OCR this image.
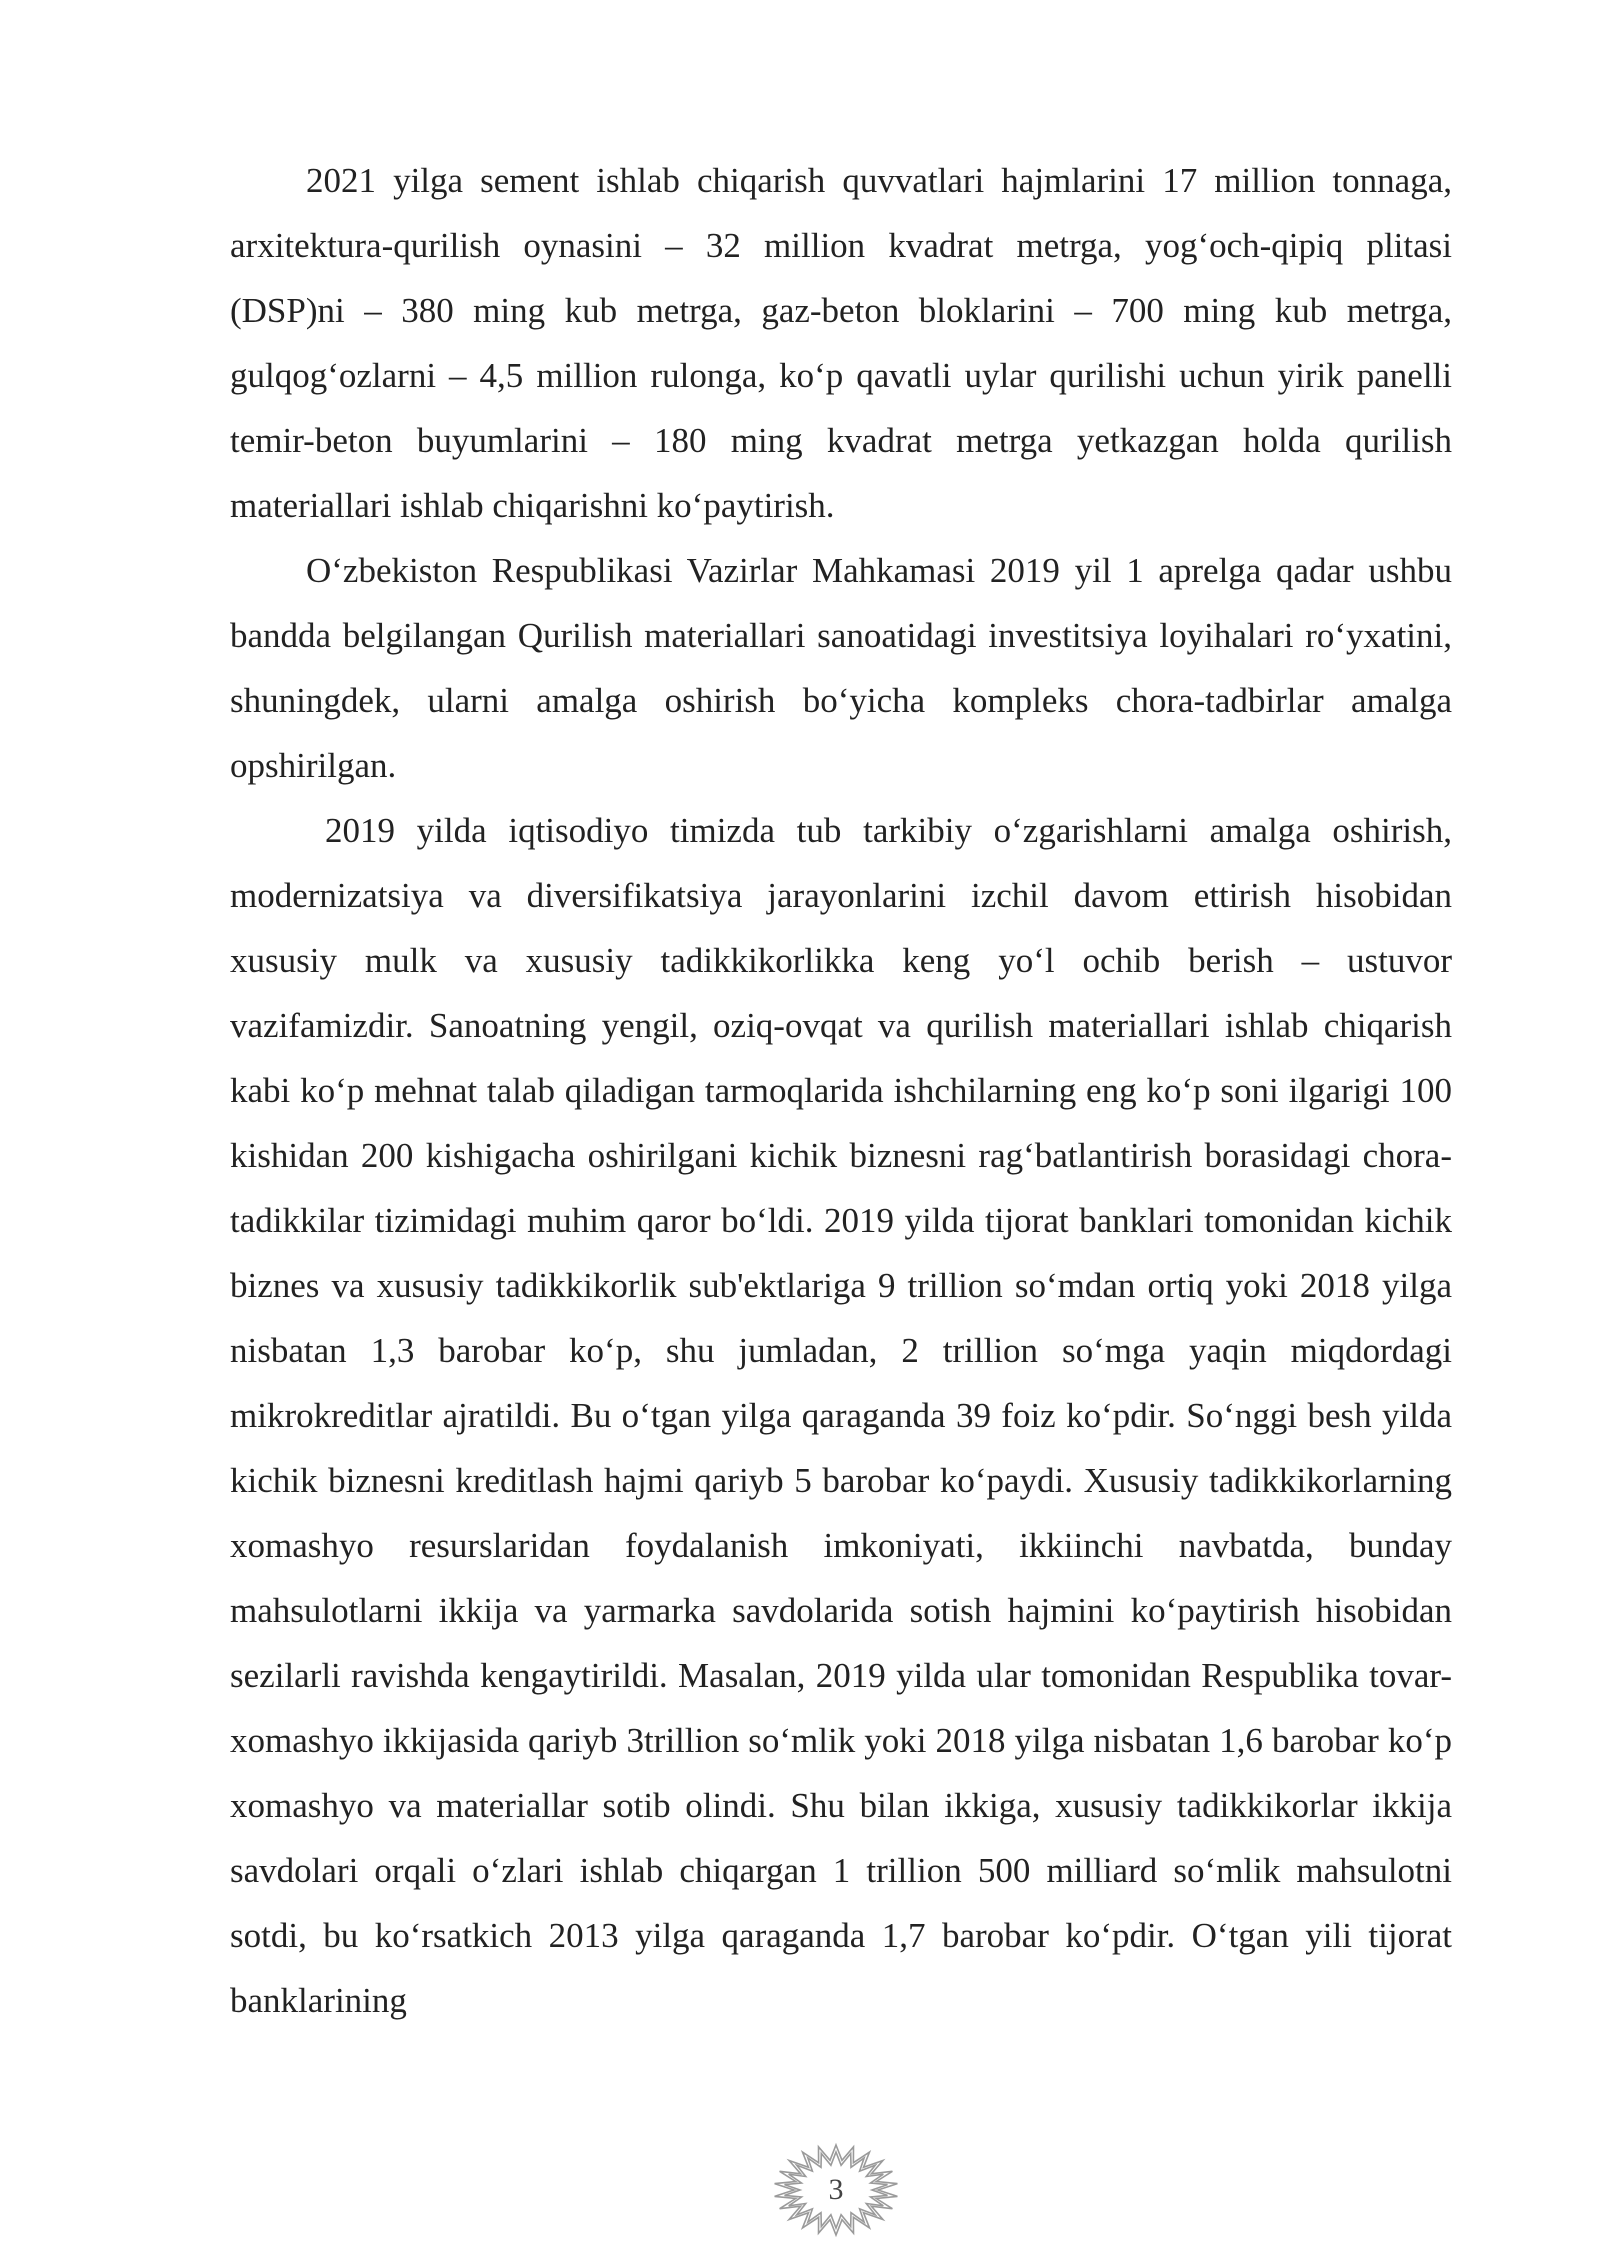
2021 yilga sement ishlab chiqarish quvvatlari hajmlarini 17 million tonnaga, arxitektura-qurilish oynasini – 32 million kvadrat metrga, yog‘och-qipiq plitasi (DSP)ni – 380 ming kub metrga, gaz-beton bloklarini – 700 ming kub metrga, gulqog‘ozlarni – 4,5 million rulonga, ko‘p qavatli uylar qurilishi uchun yirik panelli temir-beton buyumlarini – 180 ming kvadrat metrga yetkazgan holda qurilish materiallari ishlab chiqarishni ko‘paytirish.

O‘zbekiston Respublikasi Vazirlar Mahkamasi 2019 yil 1 aprelga qadar ushbu bandda belgilangan Qurilish materiallari sanoatidagi investitsiya loyihalari ro‘yxatini, shuningdek, ularni amalga oshirish bo‘yicha kompleks chora-tadbirlar amalga opshirilgan.

2019 yilda iqtisodiyo timizda tub tarkibiy o‘zgarishlarni amalga oshirish, modernizatsiya va diversifikatsiya jarayonlarini izchil davom ettirish hisobidan xususiy mulk va xususiy tadikkikorlikka keng yo‘l ochib berish – ustuvor vazifamizdir. Sanoatning yengil, oziq-ovqat va qurilish materiallari ishlab chiqarish kabi ko‘p mehnat talab qiladigan tarmoqlarida ishchilarning eng ko‘p soni ilgarigi 100 kishidan 200 kishigacha oshirilgani kichik biznesni rag‘batlantirish borasidagi chora-tadikkilar tizimidagi muhim qaror bo‘ldi. 2019 yilda tijorat banklari tomonidan kichik biznes va xususiy tadikkikorlik sub'ektlariga 9 trillion so‘mdan ortiq yoki 2018 yilga nisbatan 1,3 barobar ko‘p, shu jumladan, 2 trillion so‘mga yaqin miqdordagi mikrokreditlar ajratildi. Bu o‘tgan yilga qaraganda 39 foiz ko‘pdir. So‘nggi besh yilda kichik biznesni kreditlash hajmi qariyb 5 barobar ko‘paydi. Xususiy tadikkikorlarning xomashyo resurslaridan foydalanish imkoniyati, ikkiinchi navbatda, bunday mahsulotlarni ikkija va yarmarka savdolarida sotish hajmini ko‘paytirish hisobidan sezilarli ravishda kengaytirildi. Masalan, 2019 yilda ular tomonidan Respublika tovar-xomashyo ikkijasida qariyb 3trillion so‘mlik yoki 2018 yilga nisbatan 1,6 barobar ko‘p xomashyo va materiallar sotib olindi. Shu bilan ikkiga, xususiy tadikkikorlar ikkija savdolari orqali o‘zlari ishlab chiqargan 1 trillion 500 milliard so‘mlik mahsulotni sotdi, bu ko‘rsatkich 2013 yilga qaraganda 1,7 barobar ko‘pdir. O‘tgan yili tijorat banklarining

3
